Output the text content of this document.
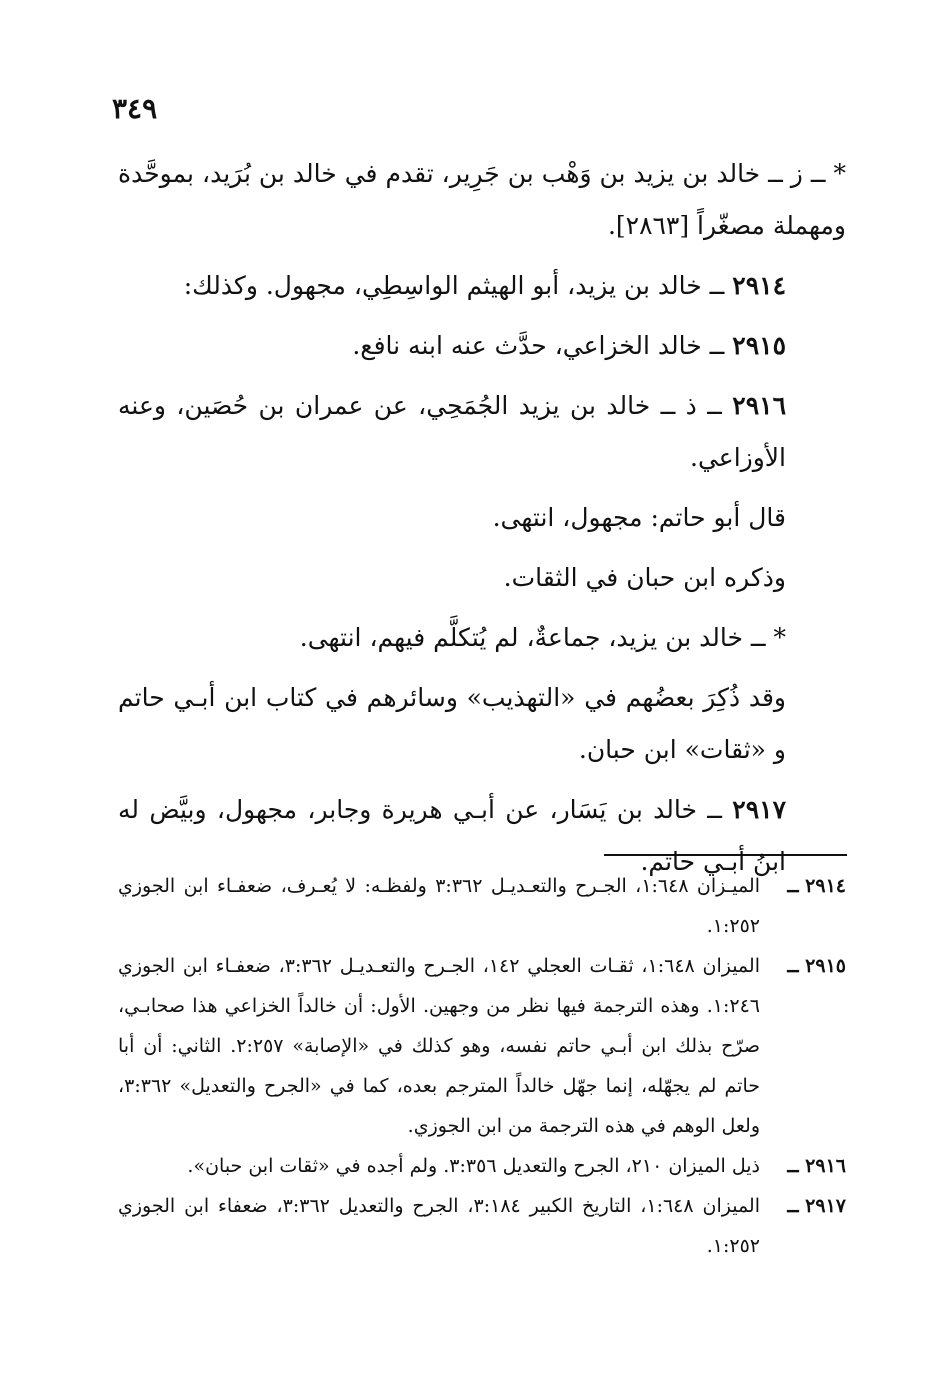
٣٤٩

* ــ ز ــ خالد بن يزيد بن وَهْب بن جَرِير، تقدم في خالد بن بُرَيد، بموحَّدة ومهملة مصغّراً [٢٨٦٣].

٢٩١٤ ــ خالد بن يزيد، أبو الهيثم الواسِطِي، مجهول. وكذلك:

٢٩١٥ ــ خالد الخزاعي، حدَّث عنه ابنه نافع.

٢٩١٦ ــ ذ ــ خالد بن يزيد الجُمَحِي، عن عمران بن حُصَين، وعنه الأوزاعي.

قال أبو حاتم: مجهول، انتهى.

وذكره ابن حبان في الثقات.

* ــ خالد بن يزيد، جماعةٌ، لم يُتكلَّم فيهم، انتهى.

وقد ذُكِرَ بعضُهم في «التهذيب» وسائرهم في كتاب ابن أبـي حاتم و «ثقات» ابن حبان.

٢٩١٧ ــ خالد بن يَسَار، عن أبـي هريرة وجابر، مجهول، وبيَّض له ابنُ أبـي حاتم.

٢٩١٤ ــ
الميـزان ١:٦٤٨، الجـرح والتعـديـل ٣:٣٦٢ ولفظـه: لا يُعـرف، ضعفـاء ابن الجوزي ١:٢٥٢.
٢٩١٥ ــ
الميزان ١:٦٤٨، ثقـات العجلي ١٤٢، الجـرح والتعـديـل ٣:٣٦٢، ضعفـاء ابن الجوزي ١:٢٤٦. وهذه الترجمة فيها نظر من وجهين. الأول: أن خالداً الخزاعي هذا صحابـي، صرّح بذلك ابن أبـي حاتم نفسه، وهو كذلك في «الإصابة» ٢:٢٥٧. الثاني: أن أبا حاتم لم يجهّله، إنما جهّل خالداً المترجم بعده، كما في «الجرح والتعديل» ٣:٣٦٢، ولعل الوهم في هذه الترجمة من ابن الجوزي.
٢٩١٦ ــ
ذيل الميزان ٢١٠، الجرح والتعديل ٣:٣٥٦. ولم أجده في «ثقات ابن حبان».
٢٩١٧ ــ
الميزان ١:٦٤٨، التاريخ الكبير ٣:١٨٤، الجرح والتعديل ٣:٣٦٢، ضعفاء ابن الجوزي ١:٢٥٢.
